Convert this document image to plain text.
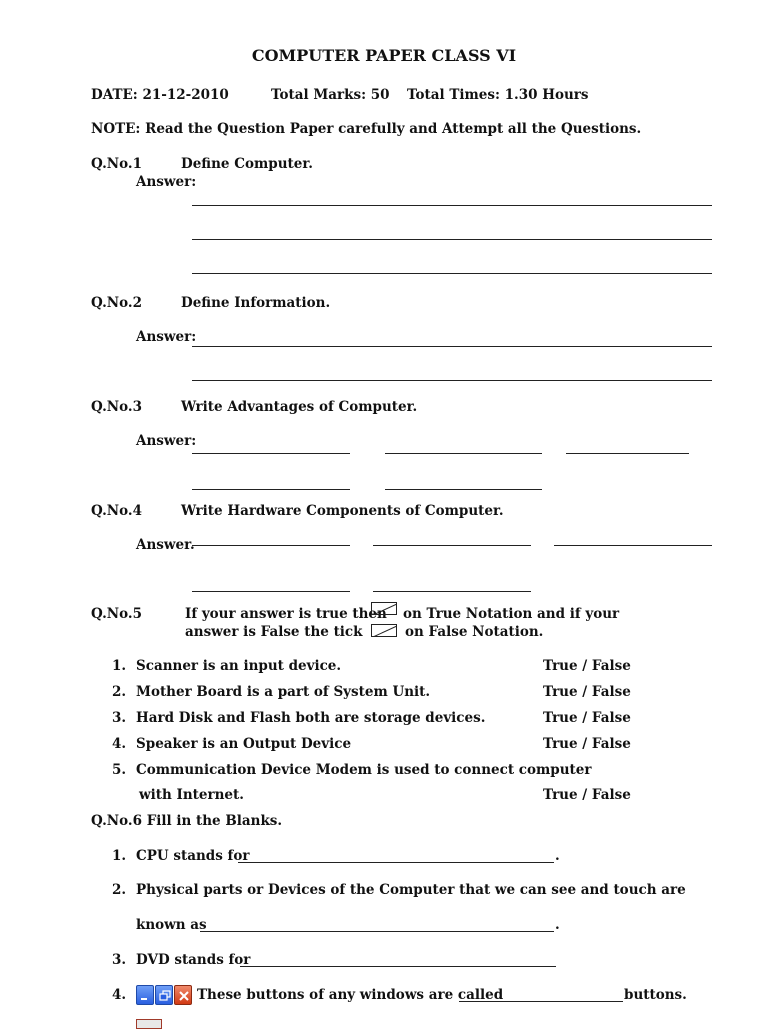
COMPUTER PAPER CLASS VI
DATE: 21-12-2010	Total Marks: 50 Total Times: 1.30 Hours
NOTE: Read the Question Paper carefully and Attempt all the Questions.
Q.No.1	Define Computer.
Answer:
Q.No.2	Define Information.
Answer:
Q.No.3	Write Advantages of Computer.
Answer:
Q.No.4	Write Hardware Components of Computer.
Answer.
Q.No.5	If your answer is true then on True Notation and if your
answer is False the tick	on False Notation.
1. Scanner is an input device.	True / False
2. Mother Board is a part of System Unit.	True / False
3. Hard Disk and Flash both are storage devices.	True / False
4. Speaker is an Output Device	True / False
5. Communication Device Modem is used to connect computer
with Internet.	True / False
Q.No.6 Fill in the Blanks.
1. CPU stands for	.
2. Physical parts or Devices of the Computer that we can see and touch are
known as	.
3. DVD stands for
4.	These buttons of any windows are called	buttons.
